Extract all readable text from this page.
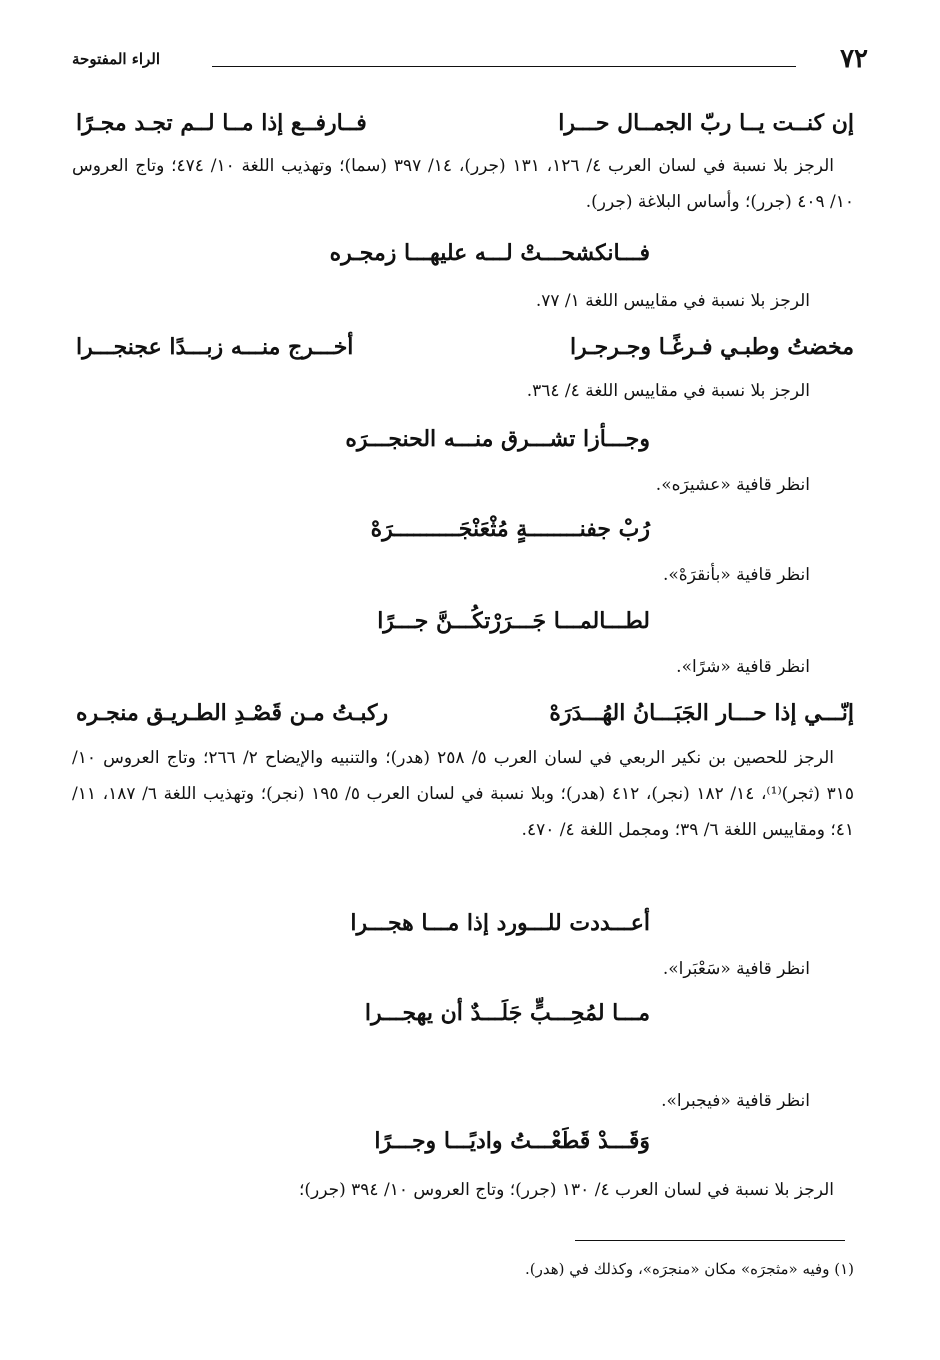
٧٢
الراء المفتوحة
إن كنــت يــا ربّ الجمــال حـــرا
فــارفــع إذا مــا لــم تجـد مجـرًا
الرجز بلا نسبة في لسان العرب ٤/ ١٢٦، ١٣١ (جرر)، ١٤/ ٣٩٧ (سما)؛ وتهذيب اللغة ١٠/ ٤٧٤؛ وتاج العروس ١٠/ ٤٠٩ (جرر)؛ وأساس البلاغة (جرر).
فـــانكشحـــتْ لـــه عليهـــا زمجـره
الرجز بلا نسبة في مقاييس اللغة ١/ ٧٧.
مخضتُ وطبـي فـرغًـا وجـرجـرا
أخـــرج منـــه زبـــدًا عجنجـــرا
الرجز بلا نسبة في مقاييس اللغة ٤/ ٣٦٤.
وجـــأزا تشـــرق منـــه الحنجـــرَه
انظر قافية «عشيرَه».
رُبْ جفنــــــــةٍ مُثْعَنْجَــــــــــرَهْ
انظر قافية «بأنقرَهْ».
لطـــالمـــا جَـــرَرْتكُـــنَّ جـــرًا
انظر قافية «شرًا».
إنّـــي إذا حـــار الجَبَـــانُ الهُـــدَرَهْ
ركبـتُ مـن قَصْـدِ الطـريـق منجـره
الرجز للحصين بن نكير الربعي في لسان العرب ٥/ ٢٥٨ (هدر)؛ والتنبيه والإيضاح ٢/ ٢٦٦؛ وتاج العروس ١٠/ ٣١٥ (ثجر)⁽¹⁾، ١٤/ ١٨٢ (نجر)، ٤١٢ (هدر)؛ وبلا نسبة في لسان العرب ٥/ ١٩٥ (نجر)؛ وتهذيب اللغة ٦/ ١٨٧، ١١/ ٤١؛ ومقاييس اللغة ٦/ ٣٩؛ ومجمل اللغة ٤/ ٤٧٠.
أعـــددت للـــورد إذا مـــا هجـــرا
انظر قافية «سَعْبَرا».
مـــا لمُحِـــبٍّ جَلَـــدٌ أن يهجـــرا
انظر قافية «فيجبرا».
وَقَـــدْ قَطَعْـــتُ واديًـــا وجـــرًا
الرجز بلا نسبة في لسان العرب ٤/ ١٣٠ (جرر)؛ وتاج العروس ١٠/ ٣٩٤ (جرر)؛
(١) وفيه «مثجرَه» مكان «منجرَه»، وكذلك في (هدر).
